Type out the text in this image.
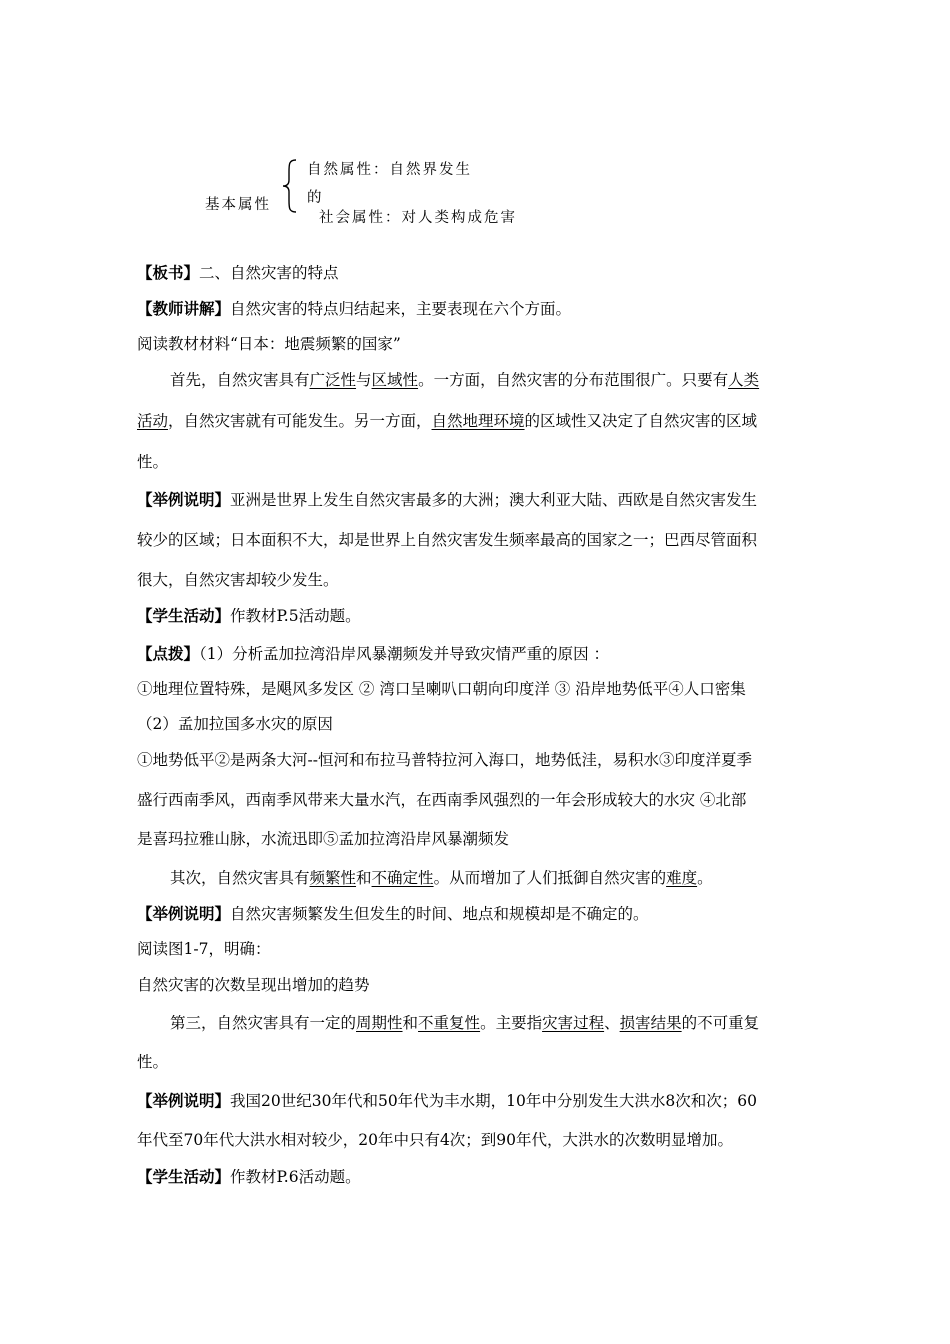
基本属性
自然属性：自然界发生
的
社会属性：对人类构成危害
【板书】二、自然灾害的特点
【教师讲解】自然灾害的特点归结起来，主要表现在六个方面。
阅读教材材料“日本：地震频繁的国家”
首先，自然灾害具有广泛性与区域性。一方面，自然灾害的分布范围很广。只要有人类
活动，自然灾害就有可能发生。另一方面，自然地理环境的区域性又决定了自然灾害的区域
性。
【举例说明】亚洲是世界上发生自然灾害最多的大洲；澳大利亚大陆、西欧是自然灾害发生
较少的区域；日本面积不大，却是世界上自然灾害发生频率最高的国家之一；巴西尽管面积
很大，自然灾害却较少发生。
【学生活动】作教材P.5活动题。
【点拨】（1）分析孟加拉湾沿岸风暴潮频发并导致灾情严重的原因 ：
①地理位置特殊，是飓风多发区 ② 湾口呈喇叭口朝向印度洋 ③ 沿岸地势低平④人口密集
（2）孟加拉国多水灾的原因
①地势低平②是两条大河--恒河和布拉马普特拉河入海口，地势低洼，易积水③印度洋夏季
盛行西南季风，西南季风带来大量水汽，在西南季风强烈的一年会形成较大的水灾 ④北部
是喜玛拉雅山脉，水流迅即⑤孟加拉湾沿岸风暴潮频发
其次，自然灾害具有频繁性和不确定性。从而增加了人们抵御自然灾害的难度。
【举例说明】自然灾害频繁发生但发生的时间、地点和规模却是不确定的。
阅读图1-7，明确：
自然灾害的次数呈现出增加的趋势
第三，自然灾害具有一定的周期性和不重复性。主要指灾害过程、损害结果的不可重复
性。
【举例说明】我国20世纪30年代和50年代为丰水期，10年中分别发生大洪水8次和次；60
年代至70年代大洪水相对较少，20年中只有4次；到90年代，大洪水的次数明显增加。
【学生活动】作教材P.6活动题。
